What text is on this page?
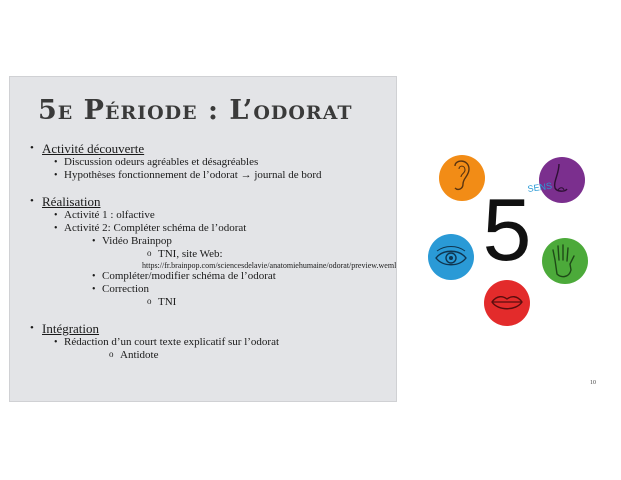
5e Période : L’odorat
• Activité découverte
• Discussion odeurs agréables et désagréables
• Hypothèses fonctionnement de l’odorat → journal de bord
• Réalisation
• Activité 1 : olfactive
• Activité 2: Compléter schéma de l’odorat
• Vidéo Brainpop
o TNI, site Web:
https://fr.brainpop.com/sciencesdelavie/anatomiehumaine/odorat/preview.weml
• Compléter/modifier schéma de l’odorat
• Correction
o TNI
• Intégration
• Rédaction d’un court texte explicatif sur l’odorat
o Antidote
5
SENS
10
